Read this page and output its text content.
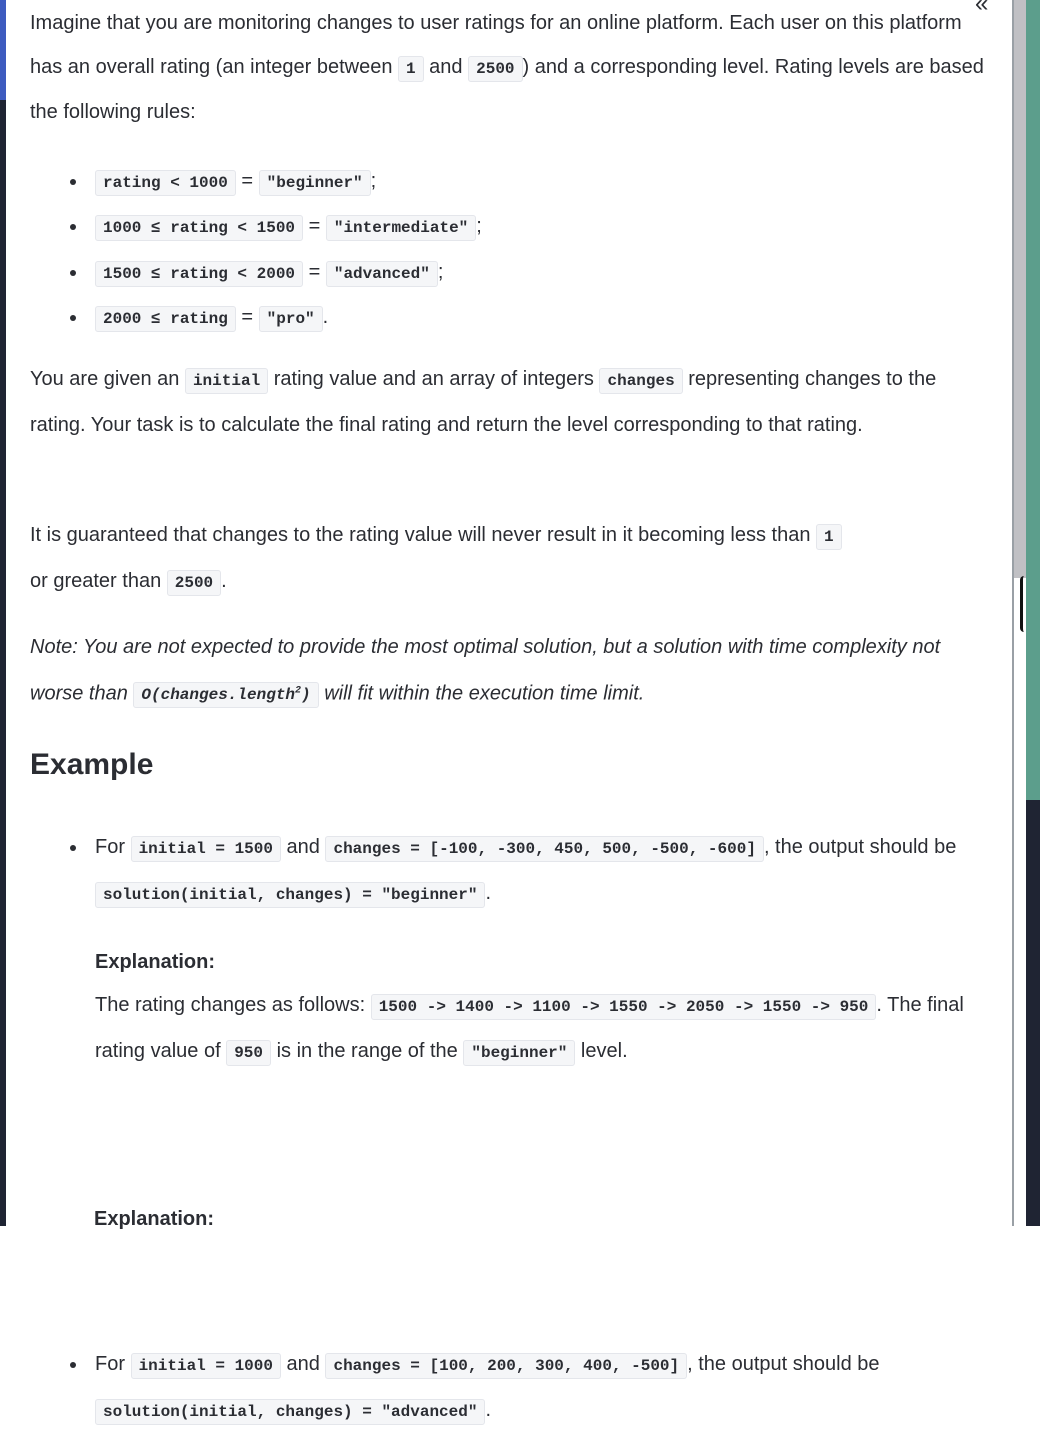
Imagine that you are monitoring changes to user ratings for an online platform. Each user on this platform has an overall rating (an integer between 1 and 2500 ) and a corresponding level. Rating levels are based the following rules:

rating < 1000 = "beginner" ;
1000 ≤ rating < 1500 = "intermediate" ;
1500 ≤ rating < 2000 = "advanced" ;
2000 ≤ rating = "pro" .

You are given an initial rating value and an array of integers changes representing changes to the rating. Your task is to calculate the final rating and return the level corresponding to that rating.

It is guaranteed that changes to the rating value will never result in it becoming less than 1
or greater than 2500 .

Note: You are not expected to provide the most optimal solution, but a solution with time complexity not worse than O(changes.length$^2$) will fit within the execution time limit.

Example

For initial = 1500 and changes = [-100, -300, 450, 500, -500, -600] , the output should be solution(initial, changes) = "beginner" .

Explanation:

The rating changes as follows: 1500 -> 1400 -> 1100 -> 1550 -> 2050 -> 1550 -> 950 . The final rating value of 950 is in the range of the "beginner" level.

For initial = 1000 and changes = [100, 200, 300, 400, -500] , the output should be solution(initial, changes) = "advanced" .

Explanation:
«
